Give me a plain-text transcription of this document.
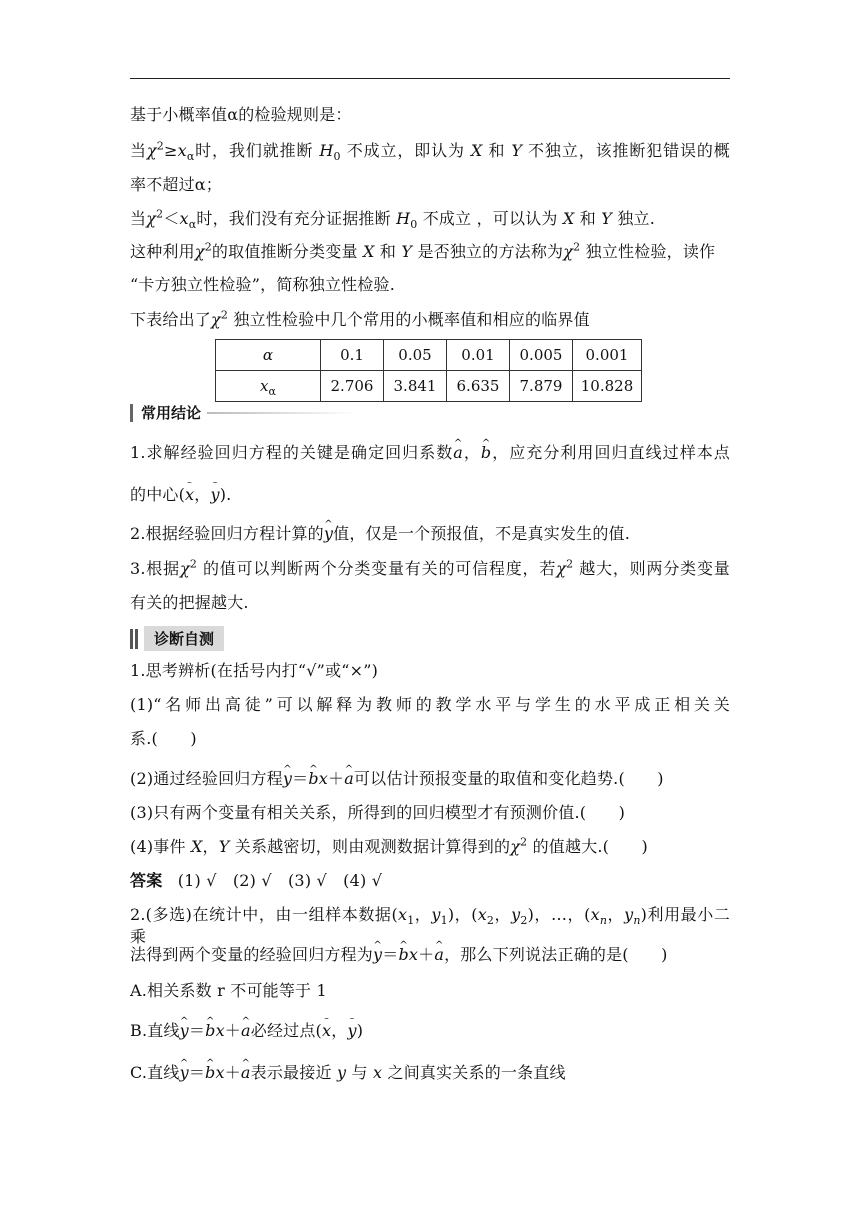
基于小概率值α的检验规则是：
当$\chi^2\ge x_\alpha$时，我们就推断 $H_0$ 不成立，即认为 X 和 Y 不独立，该推断犯错误的概
率不超过α；
当$\chi^2<x_\alpha$时，我们没有充分证据推断 $H_0$ 不成立 ，可以认为 X 和 Y 独立.
这种利用$\chi^2$的取值推断分类变量 X 和 Y 是否独立的方法称为$\chi^2$ 独立性检验，读作
“卡方独立性检验”，简称独立性检验.
下表给出了$\chi^2$ 独立性检验中几个常用的小概率值和相应的临界值
α	0.1	0.05	0.01	0.005	0.001
$x_\alpha$	2.706	3.841	6.635	7.879	10.828
常用结论
1.求解经验回归方程的关键是确定回归系数^ a，^ b，应充分利用回归直线过样本点
的中心(– x，– y).
2.根据经验回归方程计算的^ y值，仅是一个预报值，不是真实发生的值.
3.根据$\chi^2$ 的值可以判断两个分类变量有关的可信程度，若$\chi^2$ 越大，则两分类变量
有关的把握越大.
诊断自测
1.思考辨析(在括号内打“√”或“×”)
(1)“名师出高徒”可以解释为教师的教学水平与学生的水平成正相关关
系.(　　)
(2)通过经验回归方程^ y＝^ bx＋^ a可以估计预报变量的取值和变化趋势.(　　)
(3)只有两个变量有相关关系，所得到的回归模型才有预测价值.(　　)
(4)事件 X，Y 关系越密切，则由观测数据计算得到的$\chi^2$ 的值越大.(　　)
答案 (1) √　(2) √　(3) √　(4) √
2.(多选)在统计中，由一组样本数据($x_1$，$y_1$)，($x_2$，$y_2$)，…，($x_n$，$y_n$)利用最小二乘
法得到两个变量的经验回归方程为^ y＝^ bx＋^ a，那么下列说法正确的是(　　)
A.相关系数 r 不可能等于 1
B.直线^ y＝^ bx＋^ a必经过点(– x，– y)
C.直线^ y＝^ bx＋^ a表示最接近 y 与 x 之间真实关系的一条直线
